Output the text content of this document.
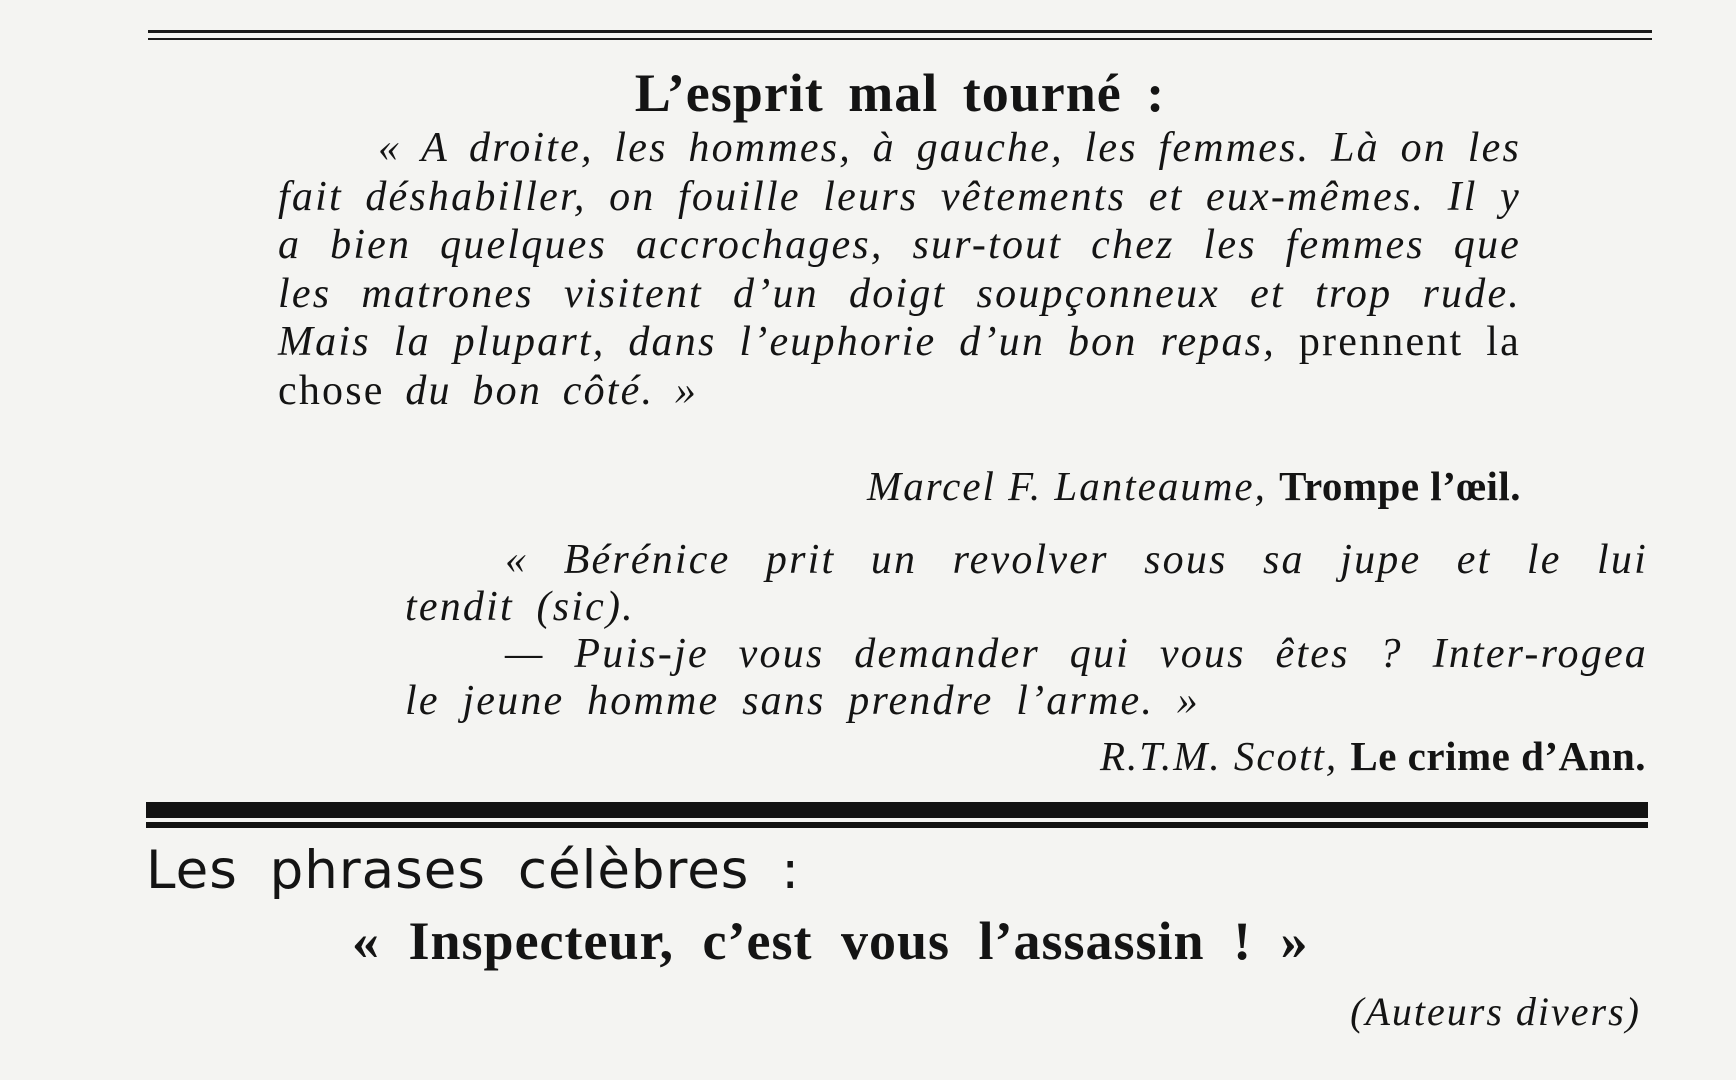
L’esprit mal tourné :

« A droite, les hommes, à gauche, les femmes. Là on les fait déshabiller, on fouille leurs vêtements et eux-mêmes. Il y a bien quelques accrochages, sur-tout chez les femmes que les matrones visitent d’un doigt soupçonneux et trop rude. Mais la plupart, dans l’euphorie d’un bon repas, prennent la chose du bon côté. »

Marcel F. Lanteaume, Trompe l’œil.

« Bérénice prit un revolver sous sa jupe et le lui tendit (sic).

— Puis-je vous demander qui vous êtes ? Inter-rogea le jeune homme sans prendre l’arme. »

R.T.M. Scott, Le crime d’Ann.
Les phrases célèbres :
« Inspecteur, c’est vous l’assassin ! »
(Auteurs divers)
